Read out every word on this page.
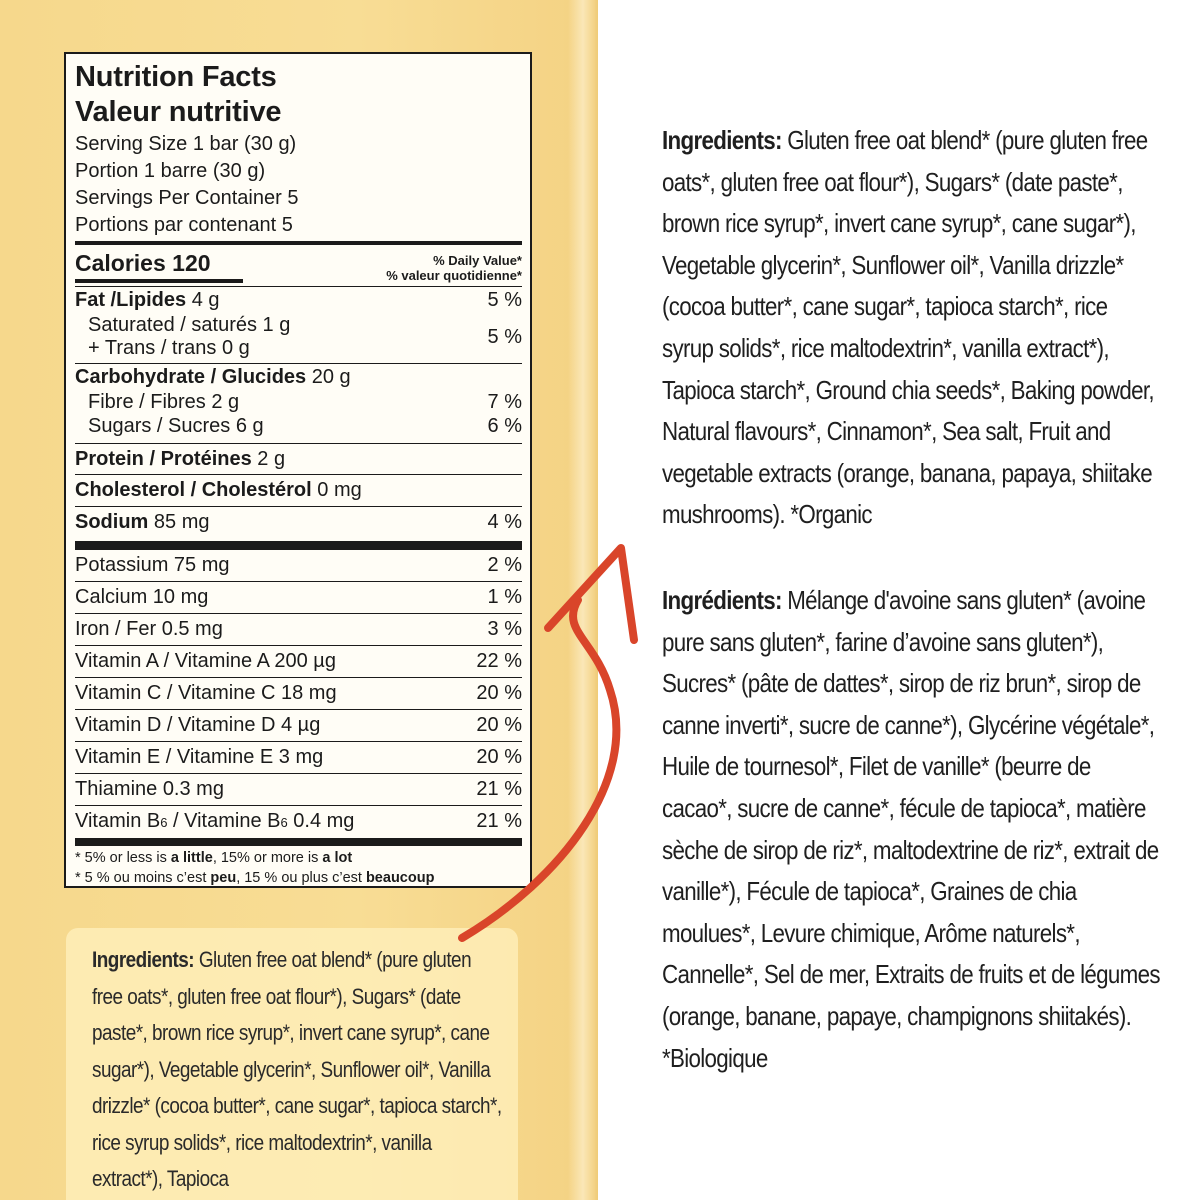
Nutrition Facts
Valeur nutritive
Serving Size 1 bar (30 g)
Portion 1 barre (30 g)
Servings Per Container 5
Portions par contenant 5
Calories 120	% Daily Value*
% valeur quotidienne*
Fat /Lipides 4 g	5 %
Saturated / saturés 1 g
+ Trans / trans 0 g
5 %
Carbohydrate / Glucides 20 g
Fibre / Fibres 2 g	7 %
Sugars / Sucres 6 g	6 %
Protein / Protéines 2 g
Cholesterol / Cholestérol 0 mg
Sodium 85 mg	4 %
Potassium 75 mg	2 %
Calcium 10 mg	1 %
Iron / Fer 0.5 mg	3 %
Vitamin A / Vitamine A 200 µg	22 %
Vitamin C / Vitamine C 18 mg	20 %
Vitamin D / Vitamine D 4 µg	20 %
Vitamin E / Vitamine E 3 mg	20 %
Thiamine 0.3 mg	21 %
Vitamin B6 / Vitamine B6 0.4 mg	21 %
* 5% or less is a little, 15% or more is a lot
* 5 % ou moins c’est peu, 15 % ou plus c’est beaucoup
Ingredients: Gluten free oat blend* (pure gluten free oats*, gluten free oat flour*), Sugars* (date paste*, brown rice syrup*, invert cane syrup*, cane sugar*), Vegetable glycerin*, Sunflower oil*, Vanilla drizzle* (cocoa butter*, cane sugar*, tapioca starch*, rice syrup solids*, rice maltodextrin*, vanilla extract*), Tapioca
Ingredients: Gluten free oat blend* (pure gluten free oats*, gluten free oat flour*), Sugars* (date paste*, brown rice syrup*, invert cane syrup*, cane sugar*), Vegetable glycerin*, Sunflower oil*, Vanilla drizzle* (cocoa butter*, cane sugar*, tapioca starch*, rice syrup solids*, rice maltodextrin*, vanilla extract*), Tapioca starch*, Ground chia seeds*, Baking powder, Natural flavours*, Cinnamon*, Sea salt, Fruit and vegetable extracts (orange, banana, papaya, shiitake mushrooms). *Organic
Ingrédients: Mélange d'avoine sans gluten* (avoine pure sans gluten*, farine d’avoine sans gluten*), Sucres* (pâte de dattes*, sirop de riz brun*, sirop de canne inverti*, sucre de canne*), Glycérine végétale*, Huile de tournesol*, Filet de vanille* (beurre de cacao*, sucre de canne*, fécule de tapioca*, matière sèche de sirop de riz*, maltodextrine de riz*, extrait de vanille*), Fécule de tapioca*, Graines de chia moulues*, Levure chimique, Arôme naturels*, Cannelle*, Sel de mer, Extraits de fruits et de légumes (orange, banane, papaye, champignons shiitakés). *Biologique
